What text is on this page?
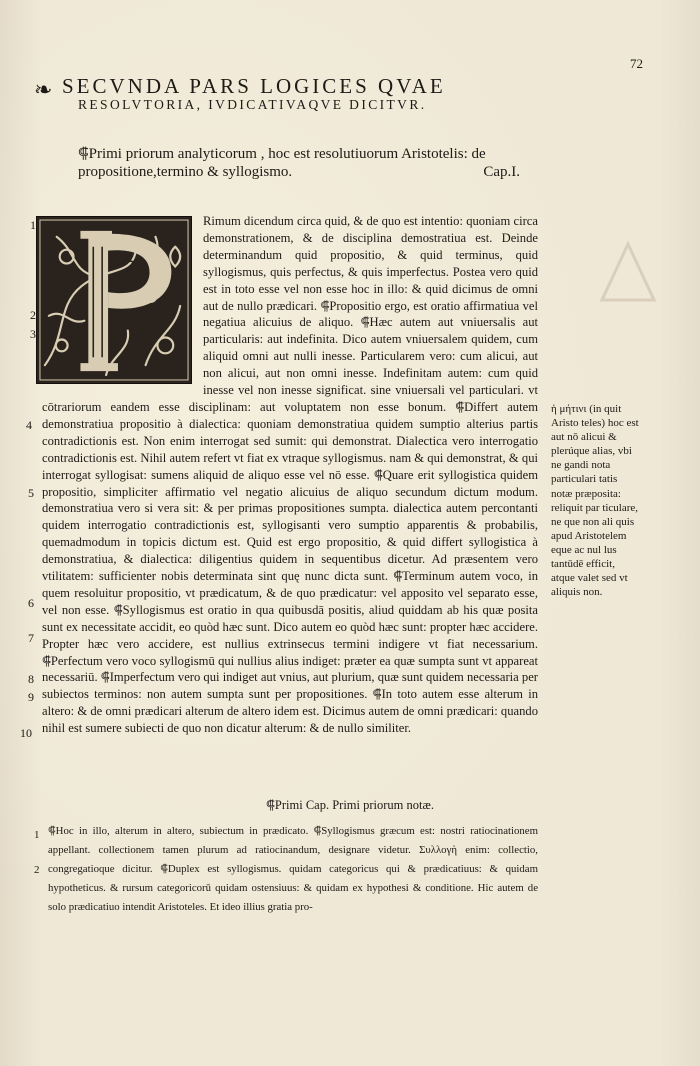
72
❧ SECVNDA PARS LOGICES QVAE
RESOLVTORIA, IVDICATIVAQVE DICITVR.
⸿Primi priorum analyticorum , hoc est resolutiuorum Aristotelis: de propositione,termino & syllogismo.	Cap.I.
Rimum dicendum circa quid, & de quo est intentio: quoniam circa demonstrationem, & de disciplina demostratiua est. Deinde determinandum quid propositio, & quid terminus, quid syllogismus, quis perfectus, & quis imperfectus. Postea vero quid est in toto esse vel non esse hoc in illo: & quid dicimus de omni aut de nullo prædicari. ⸿Propositio ergo, est oratio affirmatiua vel negatiua alicuius de aliquo. ⸿Hæc autem aut vniuersalis aut particularis: aut indefinita. Dico autem vniuersalem quidem, cum aliquid omni aut nulli inesse. Particularem vero: cum alicui, aut non alicui, aut non omni inesse. Indefinitam autem: cum quid inesse vel non inesse significat. sine vniuersali vel particulari. vt cōtrariorum eandem esse disciplinam: aut voluptatem non esse bonum. ⸿Differt autem demonstratiua propositio à dialectica: quoniam demonstratiua quidem sumptio alterius partis contradictionis est. Non enim interrogat sed sumit: qui demonstrat. Dialectica vero interrogatio contradictionis est. Nihil autem refert vt fiat ex vtraque syllogismus. nam & qui demonstrat, & qui interrogat syllogisat: sumens aliquid de aliquo esse vel nō esse. ⸿Quare erit syllogistica quidem propositio, simpliciter affirmatio vel negatio alicuius de aliquo secundum dictum modum. demonstratiua vero si vera sit: & per primas propositiones sumpta. dialectica autem percontanti quidem interrogatio contradictionis est, syllogisanti vero sumptio apparentis & probabilis, quemadmodum in topicis dictum est. Quid est ergo propositio, & quid differt syllogistica à demonstratiua, & dialectica: diligentius quidem in sequentibus dicetur. Ad præsentem vero vtilitatem: sufficienter nobis determinata sint quę nunc dicta sunt. ⸿Terminum autem voco, in quem resoluitur propositio, vt prædicatum, & de quo prædicatur: vel apposito vel separato esse, vel non esse. ⸿Syllogismus est oratio in qua quibusdā positis, aliud quiddam ab his quæ posita sunt ex necessitate accidit, eo quòd hæc sunt. Dico autem eo quòd hæc sunt: propter hæc accidere. Propter hæc vero accidere, est nullius extrinsecus termini indigere vt fiat necessarium. ⸿Perfectum vero voco syllogismū qui nullius alius indiget: præter ea quæ sumpta sunt vt appareat necessariū. ⸿Imperfectum vero qui indiget aut vnius, aut plurium, quæ sunt quidem necessaria per subiectos terminos: non autem sumpta sunt per propositiones. ⸿In toto autem esse alterum in altero: & de omni prædicari alterum de altero idem est. Dicimus autem de omni prædicari: quando nihil est sumere subiecti de quo non dicatur alterum: & de nullo similiter.
1
2
3
4
5
6
7
8
9
10
ἡ μήτινι (in quit Aristo teles) hoc est aut nō alicui & plerúque alias, vbi ne gandi nota particulari tatis notæ præposita: reliquit par ticulare, ne que non ali quis apud Aristotelem eque ac nul lus tantūdē efficit, atque valet sed vt aliquis non.
⸿Primi Cap. Primi priorum notæ.
1
2
⸿Hoc in illo, alterum in altero, subiectum in prædicato. ⸿Syllogismus græcum est: nostri ratiocinationem appellant. collectionem tamen plurum ad ratiocinandum, designare videtur. Συλλογὴ enim: collectio, congregatioque dicitur. ⸿Duplex est syllogismus. quidam categoricus qui & prædicatiuus: & quidam hypotheticus. & rursum categoricorū quidam ostensiuus: & quidam ex hypothesi & conditione. Hic autem de solo prædicatiuo intendit Aristoteles. Et ideo illius gratia pro-
